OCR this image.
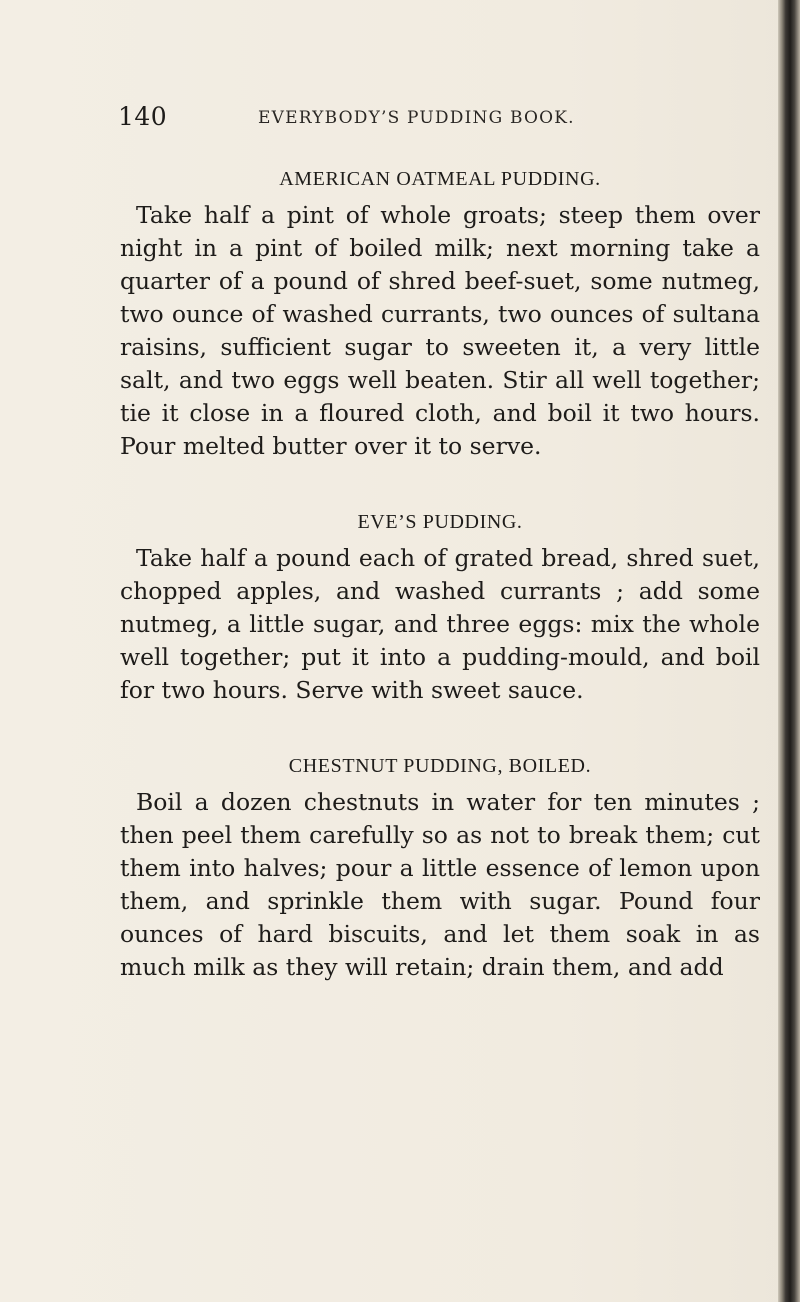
140	EVERYBODY’S PUDDING BOOK.
AMERICAN OATMEAL PUDDING.

Take half a pint of whole groats; steep them over night in a pint of boiled milk; next morning take a quarter of a pound of shred beef-suet, some nutmeg, two ounce of washed currants, two ounces of sultana raisins, sufficient sugar to sweeten it, a very little salt, and two eggs well beaten. Stir all well together; tie it close in a floured cloth, and boil it two hours. Pour melted butter over it to serve.

EVE’S PUDDING.

Take half a pound each of grated bread, shred suet, chopped apples, and washed currants ; add some nutmeg, a little sugar, and three eggs: mix the whole well together; put it into a pudding-mould, and boil for two hours. Serve with sweet sauce.

CHESTNUT PUDDING, BOILED.

Boil a dozen chestnuts in water for ten minutes ; then peel them carefully so as not to break them; cut them into halves; pour a little essence of lemon upon them, and sprinkle them with sugar. Pound four ounces of hard biscuits, and let them soak in as much milk as they will retain; drain them, and add
